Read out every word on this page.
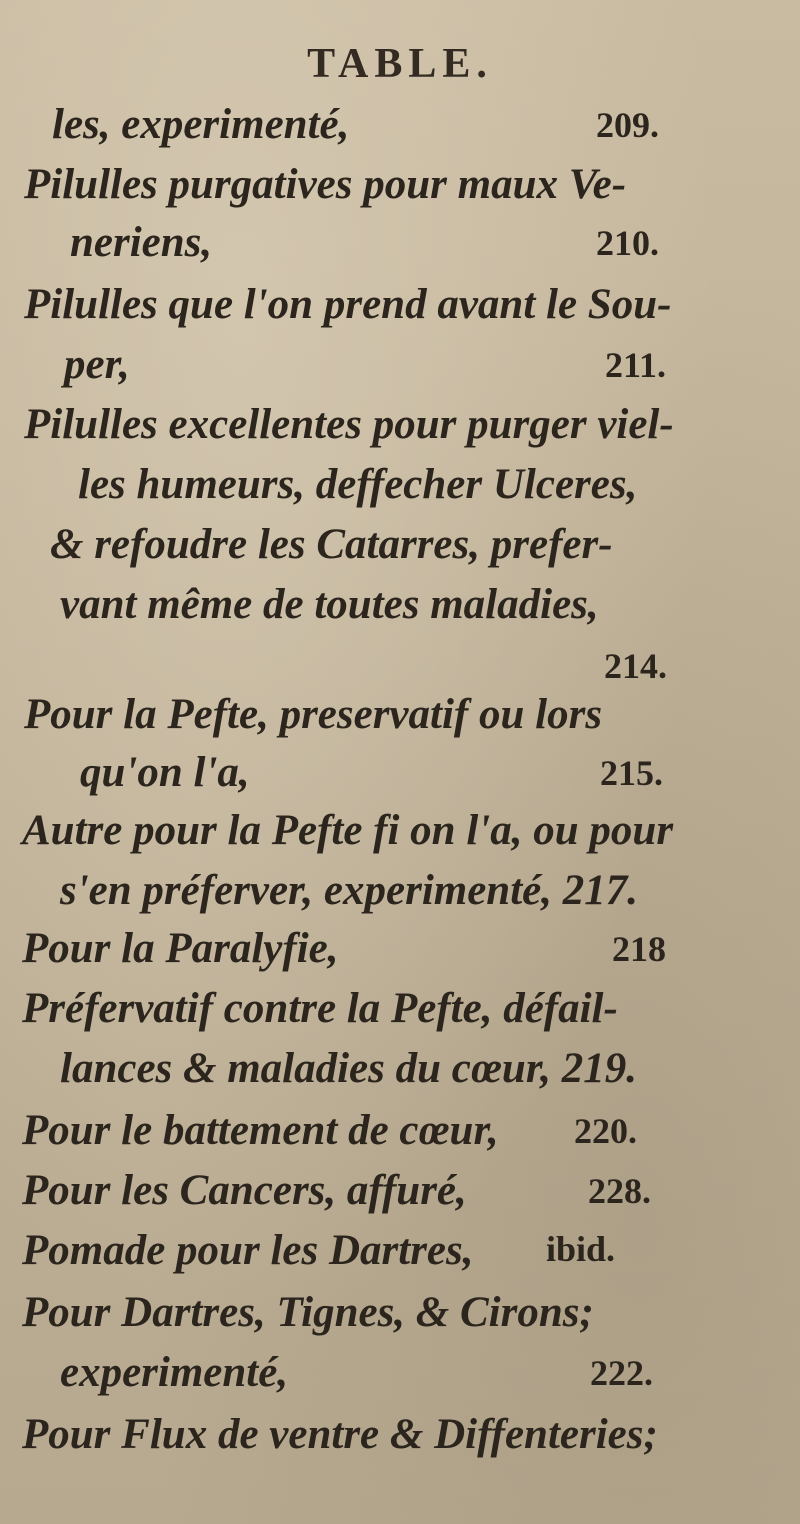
TABLE.
les, experimenté,	209.
Pilulles purgatives pour maux Ve-
neriens,	210.
Pilulles que l'on prend avant le Sou-
per,	211.
Pilulles excellentes pour purger viel-
les humeurs, deffecher Ulceres,
& refoudre les Catarres, prefer-
vant même de toutes maladies,
214.
Pour la Pefte, preservatif ou lors
qu'on l'a,	215.
Autre pour la Pefte fi on l'a, ou pour
s'en préferver, experimenté, 217.
Pour la Paralyfie,	218
Préfervatif contre la Pefte, défail-
lances & maladies du cœur, 219.
Pour le battement de cœur, 220.
Pour les Cancers, affuré,	228.
Pomade pour les Dartres, ibid.
Pour Dartres, Tignes, & Cirons;
experimenté,	222.
Pour Flux de ventre & Diffenteries;
